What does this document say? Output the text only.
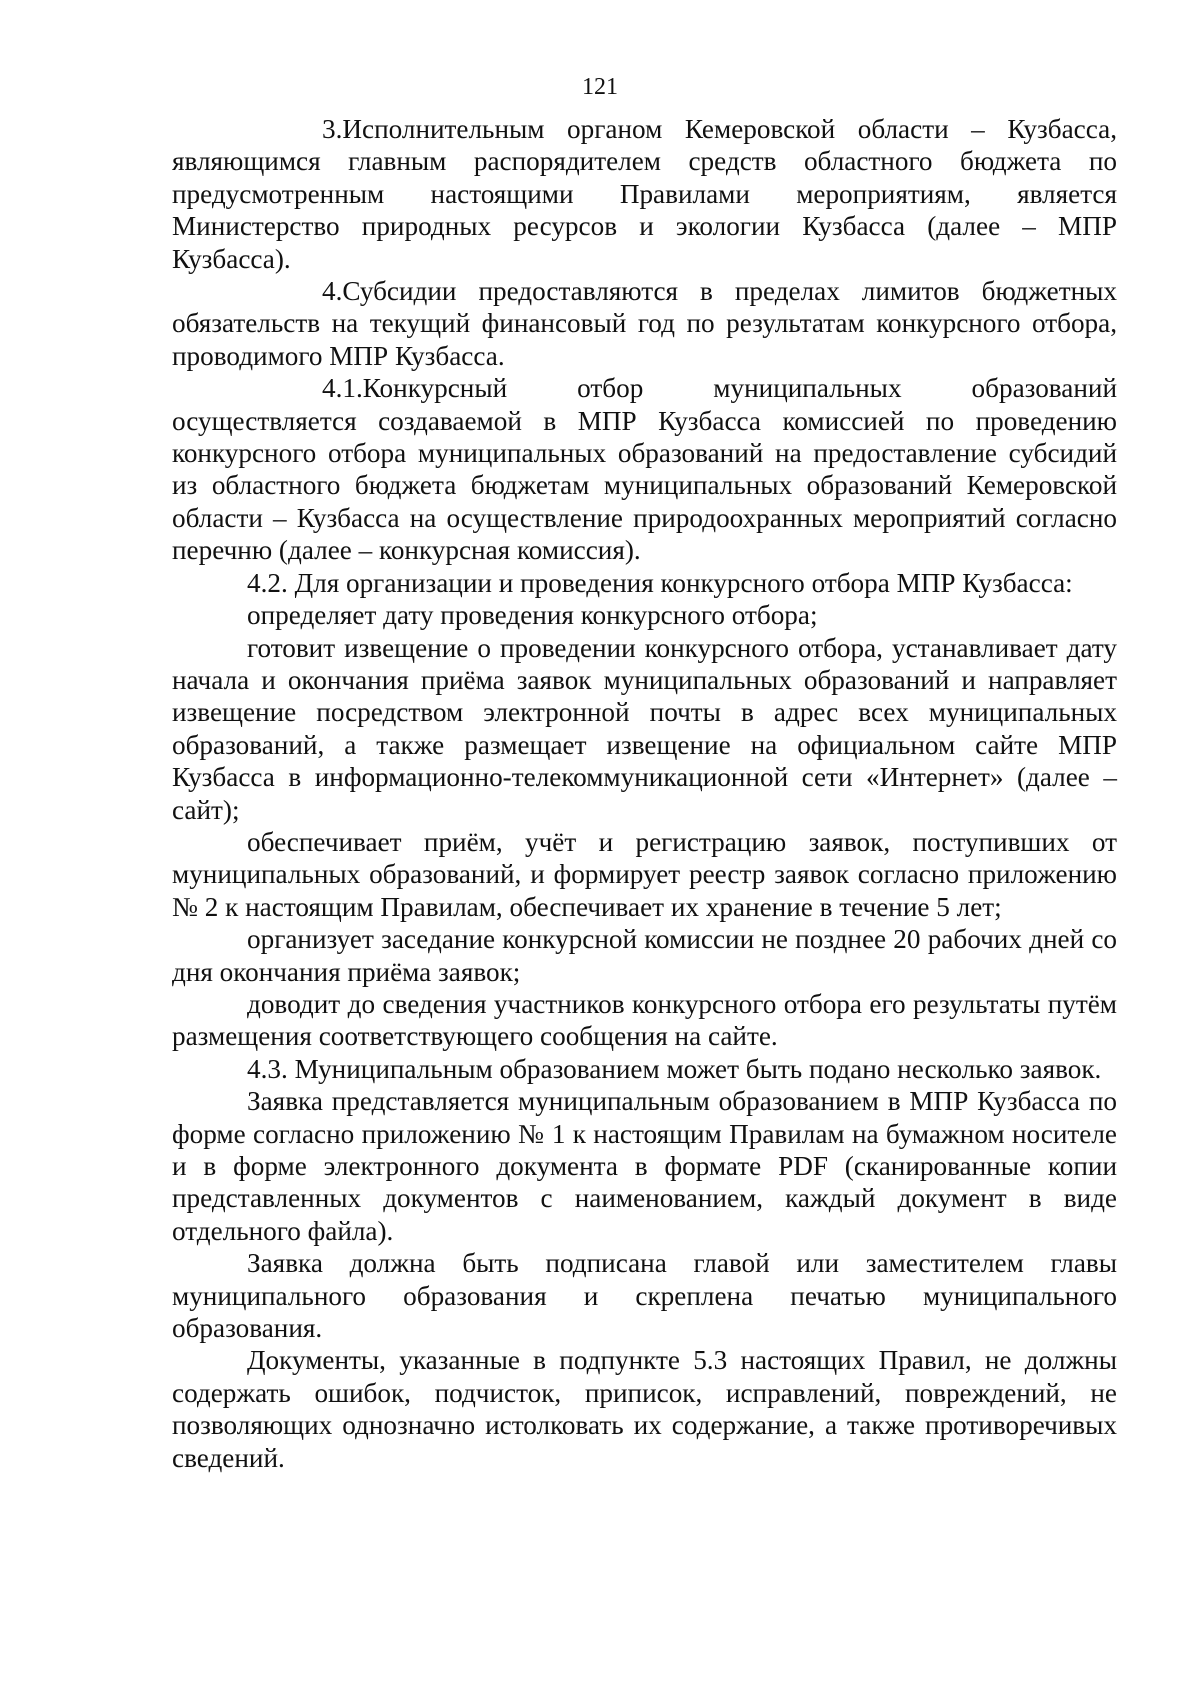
121

3.Исполнительным органом Кемеровской области – Кузбасса, являющимся главным распорядителем средств областного бюджета по предусмотренным настоящими Правилами мероприятиям, является Министерство природных ресурсов и экологии Кузбасса (далее – МПР Кузбасса).

4.Субсидии предоставляются в пределах лимитов бюджетных обязательств на текущий финансовый год по результатам конкурсного отбора, проводимого МПР Кузбасса.

4.1.Конкурсный отбор муниципальных образований осуществляется создаваемой в МПР Кузбасса комиссией по проведению конкурсного отбора муниципальных образований на предоставление субсидий из областного бюджета бюджетам муниципальных образований Кемеровской области – Кузбасса на осуществление природоохранных мероприятий согласно перечню (далее – конкурсная комиссия).

4.2. Для организации и проведения конкурсного отбора МПР Кузбасса:

определяет дату проведения конкурсного отбора;

готовит извещение о проведении конкурсного отбора, устанавливает дату начала и окончания приёма заявок муниципальных образований и направляет извещение посредством электронной почты в адрес всех муниципальных образований, а также размещает извещение на официальном сайте МПР Кузбасса в информационно-телекоммуникационной сети «Интернет» (далее – сайт);

обеспечивает приём, учёт и регистрацию заявок, поступивших от муниципальных образований, и формирует реестр заявок согласно приложению № 2 к настоящим Правилам, обеспечивает их хранение в течение 5 лет;

организует заседание конкурсной комиссии не позднее 20 рабочих дней со дня окончания приёма заявок;

доводит до сведения участников конкурсного отбора его результаты путём размещения соответствующего сообщения на сайте.

4.3. Муниципальным образованием может быть подано несколько заявок.

Заявка представляется муниципальным образованием в МПР Кузбасса по форме согласно приложению № 1 к настоящим Правилам на бумажном носителе и в форме электронного документа в формате PDF (сканированные копии представленных документов с наименованием, каждый документ в виде отдельного файла).

Заявка должна быть подписана главой или заместителем главы муниципального образования и скреплена печатью муниципального образования.

Документы, указанные в подпункте 5.3 настоящих Правил, не должны содержать ошибок, подчисток, приписок, исправлений, повреждений, не позволяющих однозначно истолковать их содержание, а также противоречивых сведений.
